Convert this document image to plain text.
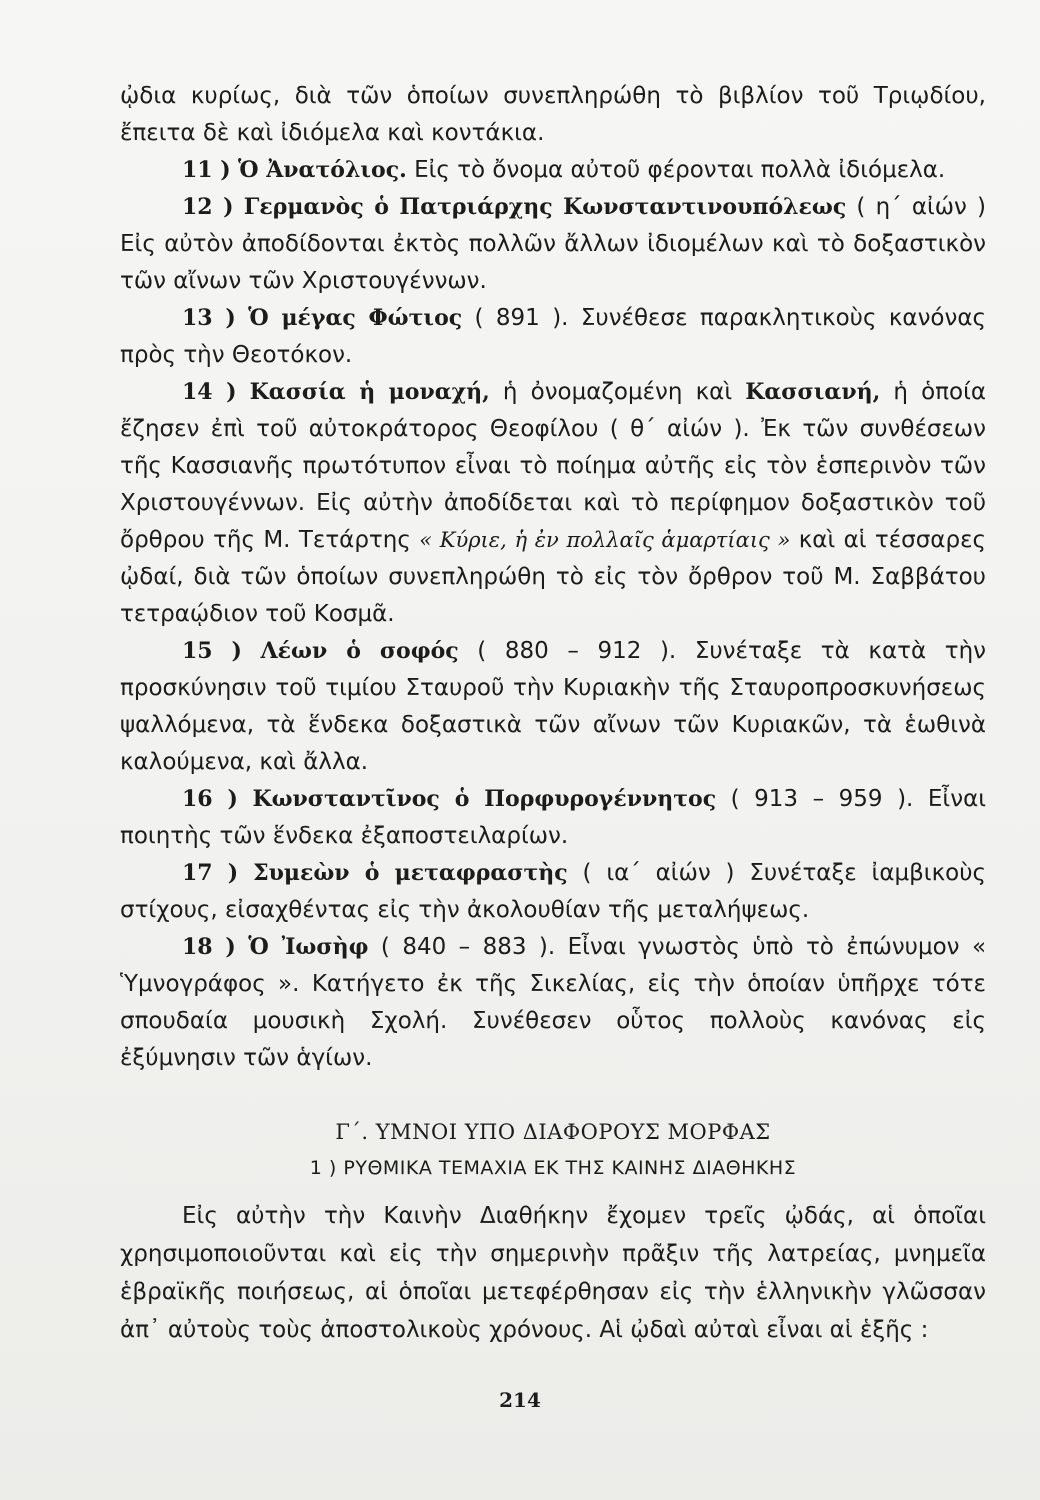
ᾠδια κυρίως, διὰ τῶν ὁποίων συνεπληρώθη τὸ βιβλίον τοῦ Τριῳδίου, ἔπειτα δὲ καὶ ἰδιόμελα καὶ κοντάκια.

11 ) Ὁ Ἀνατόλιος. Εἰς τὸ ὄνομα αὐτοῦ φέρονται πολλὰ ἰδιόμελα.

12 ) Γερμανὸς ὁ Πατριάρχης Κωνσταντινουπόλεως ( η΄ αἰών ) Εἰς αὐτὸν ἀποδίδονται ἐκτὸς πολλῶν ἄλλων ἰδιομέλων καὶ τὸ δοξαστικὸν τῶν αἴνων τῶν Χριστουγέννων.

13 ) Ὁ μέγας Φώτιος ( 891 ). Συνέθεσε παρακλητικοὺς κανόνας πρὸς τὴν Θεοτόκον.

14 ) Κασσία ἡ μοναχή, ἡ ὀνομαζομένη καὶ Κασσιανή, ἡ ὁποία ἔζησεν ἐπὶ τοῦ αὐτοκράτορος Θεοφίλου ( θ΄ αἰών ). Ἐκ τῶν συνθέσεων τῆς Κασσιανῆς πρωτότυπον εἶναι τὸ ποίημα αὐτῆς εἰς τὸν ἑσπερινὸν τῶν Χριστουγέννων. Εἰς αὐτὴν ἀποδίδεται καὶ τὸ περίφημον δοξαστικὸν τοῦ ὄρθρου τῆς Μ. Τετάρτης « Κύριε, ἡ ἐν πολλαῖς ἁμαρτίαις » καὶ αἱ τέσσαρες ᾠδαί, διὰ τῶν ὁποίων συνεπληρώθη τὸ εἰς τὸν ὄρθρον τοῦ Μ. Σαββάτου τετραῴδιον τοῦ Κοσμᾶ.

15 ) Λέων ὁ σοφός ( 880 – 912 ). Συνέταξε τὰ κατὰ τὴν προσκύνησιν τοῦ τιμίου Σταυροῦ τὴν Κυριακὴν τῆς Σταυροπροσκυνήσεως ψαλλόμενα, τὰ ἕνδεκα δοξαστικὰ τῶν αἴνων τῶν Κυριακῶν, τὰ ἑωθινὰ καλούμενα, καὶ ἄλλα.

16 ) Κωνσταντῖνος ὁ Πορφυρογέννητος ( 913 – 959 ). Εἶναι ποιητὴς τῶν ἕνδεκα ἐξαποστειλαρίων.

17 ) Συμεὼν ὁ μεταφραστὴς ( ια΄ αἰών ) Συνέταξε ἰαμβικοὺς στίχους, εἰσαχθέντας εἰς τὴν ἀκολουθίαν τῆς μεταλήψεως.

18 ) Ὁ Ἰωσὴφ ( 840 – 883 ). Εἶναι γνωστὸς ὑπὸ τὸ ἐπώνυμον « Ὑμνογράφος ». Κατήγετο ἐκ τῆς Σικελίας, εἰς τὴν ὁποίαν ὑπῆρχε τότε σπουδαία μουσικὴ Σχολή. Συνέθεσεν οὗτος πολλοὺς κανόνας εἰς ἐξύμνησιν τῶν ἁγίων.

Γ΄. ΥΜΝΟΙ ΥΠΟ ΔΙΑΦΟΡΟΥΣ ΜΟΡΦΑΣ
1 ) ΡΥΘΜΙΚΑ ΤΕΜΑΧΙΑ ΕΚ ΤΗΣ ΚΑΙΝΗΣ ΔΙΑΘΗΚΗΣ

Εἰς αὐτὴν τὴν Καινὴν Διαθήκην ἔχομεν τρεῖς ᾠδάς, αἱ ὁποῖαι χρησιμοποιοῦνται καὶ εἰς τὴν σημερινὴν πρᾶξιν τῆς λατρείας, μνημεῖα ἑβραϊκῆς ποιήσεως, αἱ ὁποῖαι μετεφέρθησαν εἰς τὴν ἑλληνικὴν γλῶσσαν ἀπ᾽ αὐτοὺς τοὺς ἀποστολικοὺς χρόνους. Αἱ ᾠδαὶ αὐταὶ εἶναι αἱ ἑξῆς :

214
